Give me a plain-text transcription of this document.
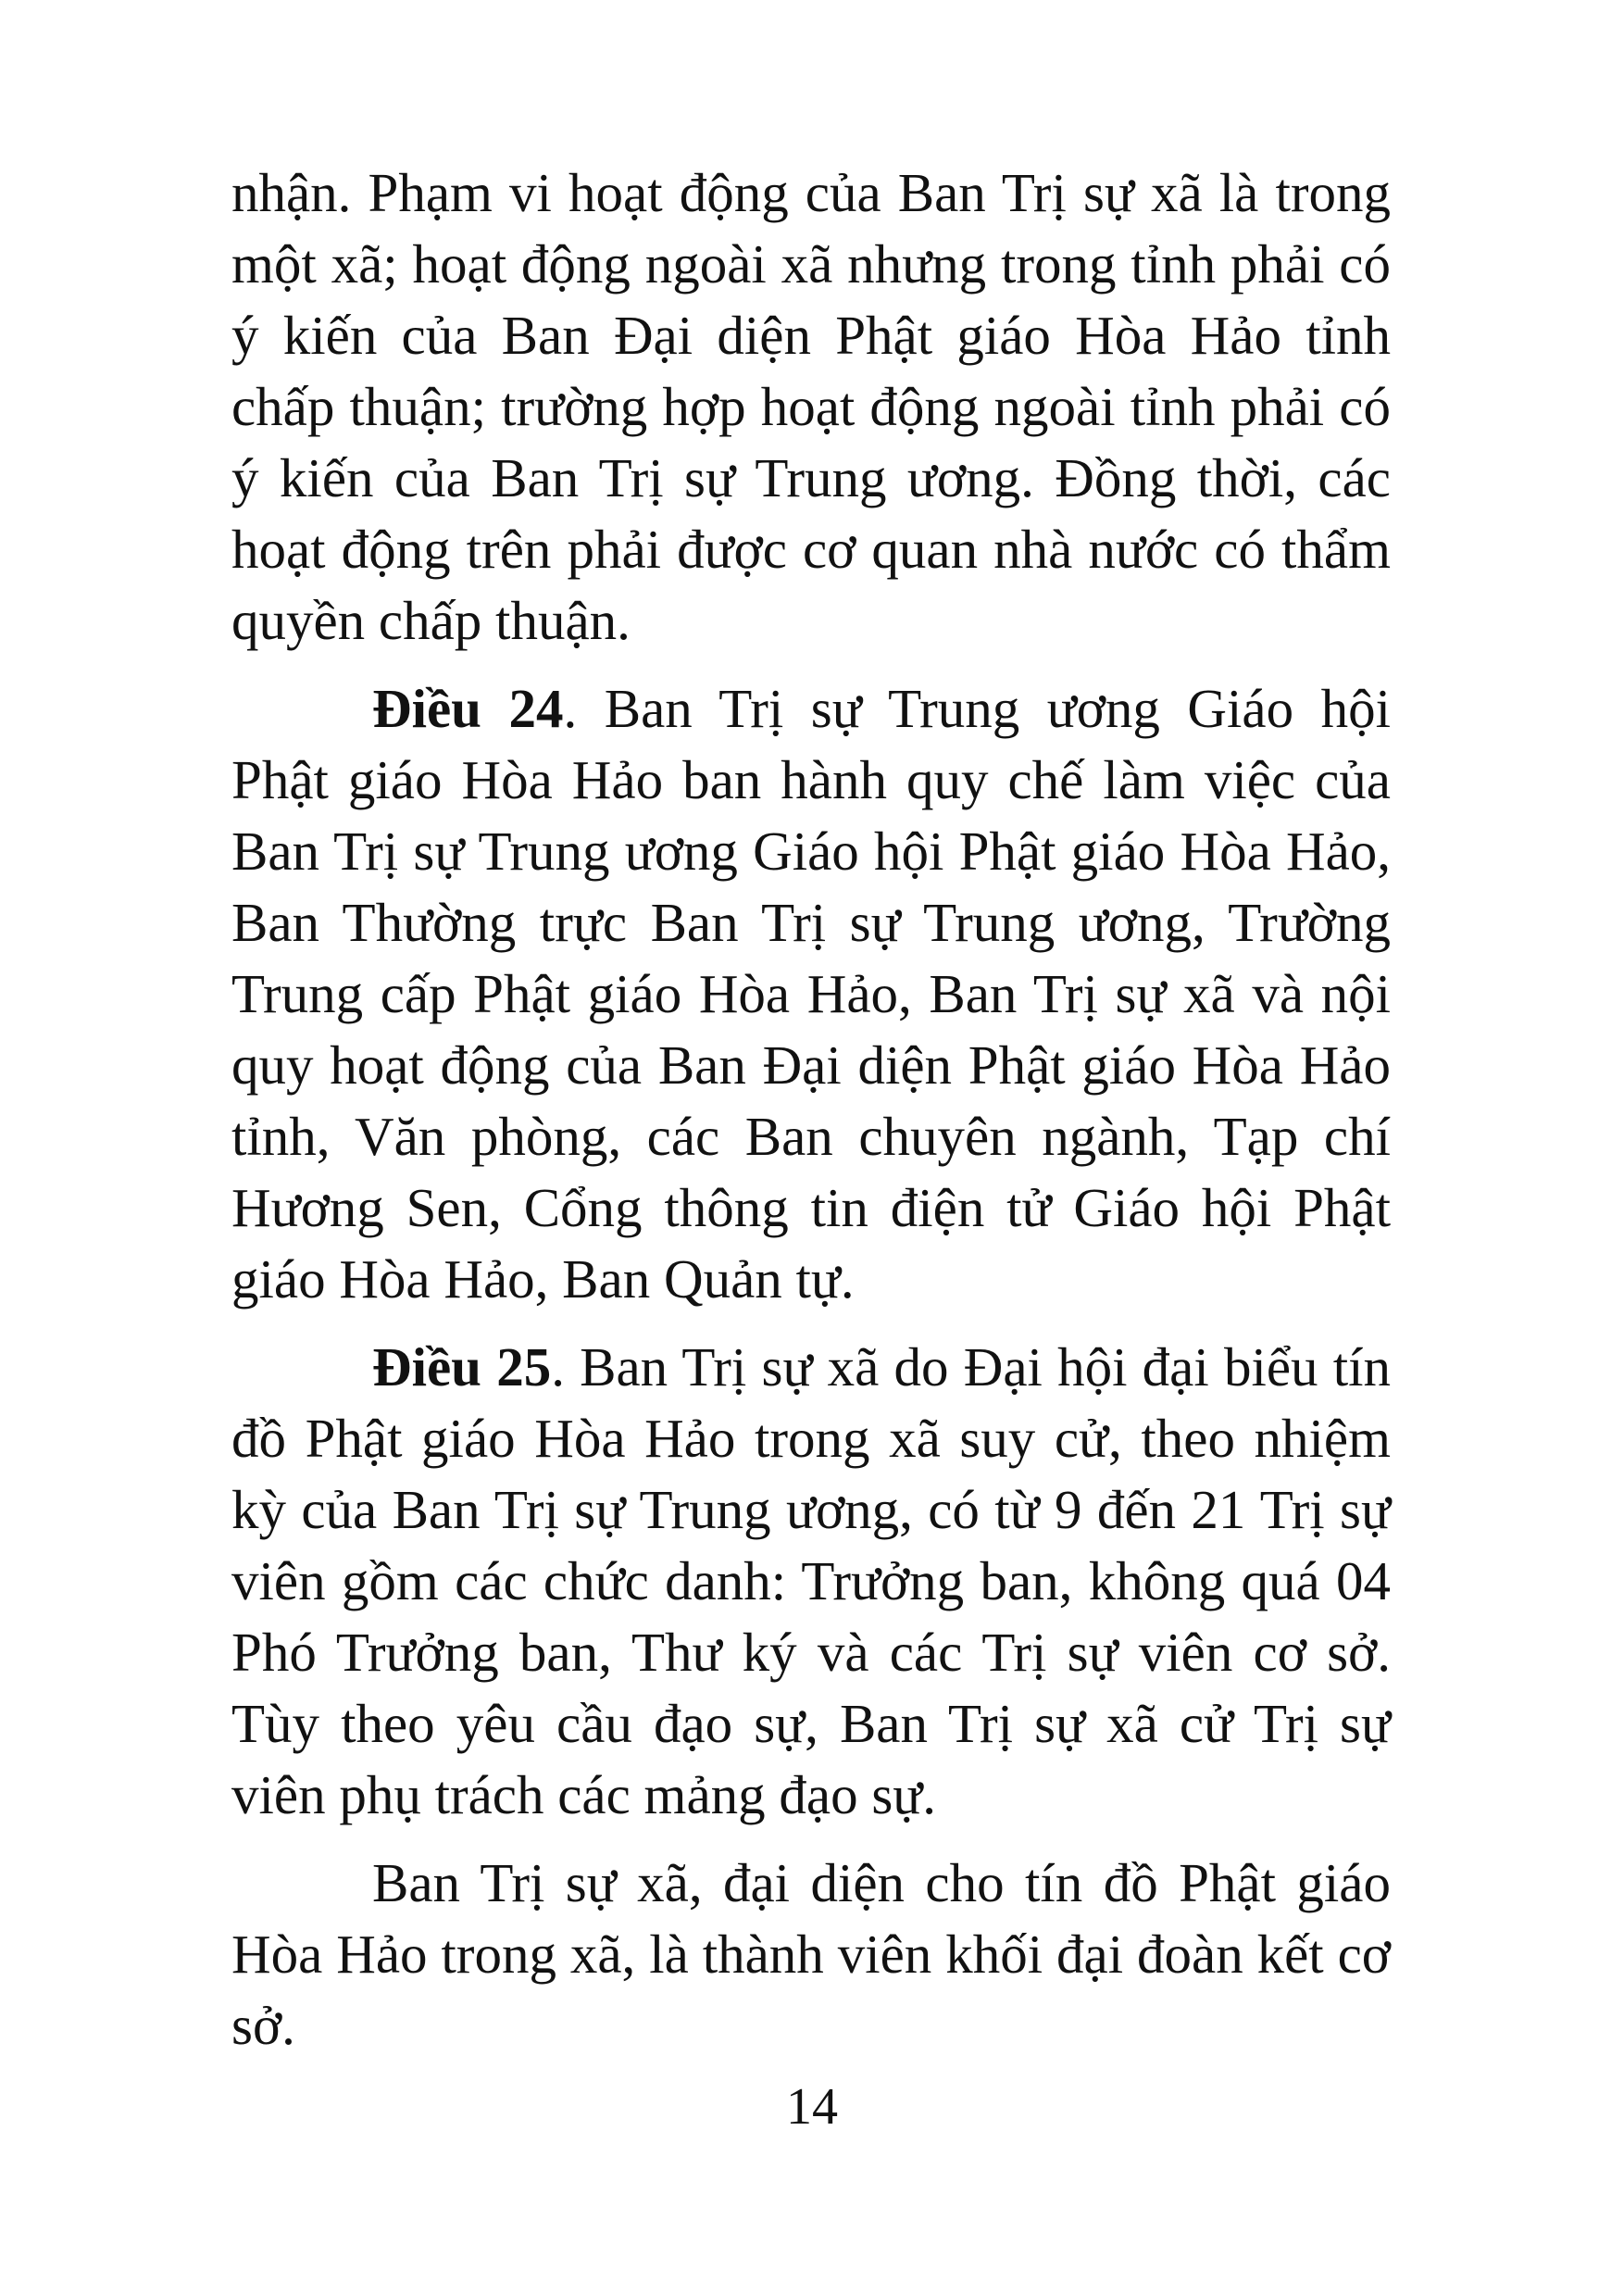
nhận. Phạm vi hoạt động của Ban Trị sự xã là trong một xã; hoạt động ngoài xã nhưng trong tỉnh phải có ý kiến của Ban Đại diện Phật giáo Hòa Hảo tỉnh chấp thuận; trường hợp hoạt động ngoài tỉnh phải có ý kiến của Ban Trị sự Trung ương. Đồng thời, các hoạt động trên phải được cơ quan nhà nước có thẩm quyền chấp thuận.

Điều 24. Ban Trị sự Trung ương Giáo hội Phật giáo Hòa Hảo ban hành quy chế làm việc của Ban Trị sự Trung ương Giáo hội Phật giáo Hòa Hảo, Ban Thường trực Ban Trị sự Trung ương, Trường Trung cấp Phật giáo Hòa Hảo, Ban Trị sự xã và nội quy hoạt động của Ban Đại diện Phật giáo Hòa Hảo tỉnh, Văn phòng, các Ban chuyên ngành, Tạp chí Hương Sen, Cổng thông tin điện tử Giáo hội Phật giáo Hòa Hảo, Ban Quản tự.

Điều 25. Ban Trị sự xã do Đại hội đại biểu tín đồ Phật giáo Hòa Hảo trong xã suy cử, theo nhiệm kỳ của Ban Trị sự Trung ương, có từ 9 đến 21 Trị sự viên gồm các chức danh: Trưởng ban, không quá 04 Phó Trưởng ban, Thư ký và các Trị sự viên cơ sở. Tùy theo yêu cầu đạo sự, Ban Trị sự xã cử Trị sự viên phụ trách các mảng đạo sự.

Ban Trị sự xã, đại diện cho tín đồ Phật giáo Hòa Hảo trong xã, là thành viên khối đại đoàn kết cơ sở.

14
